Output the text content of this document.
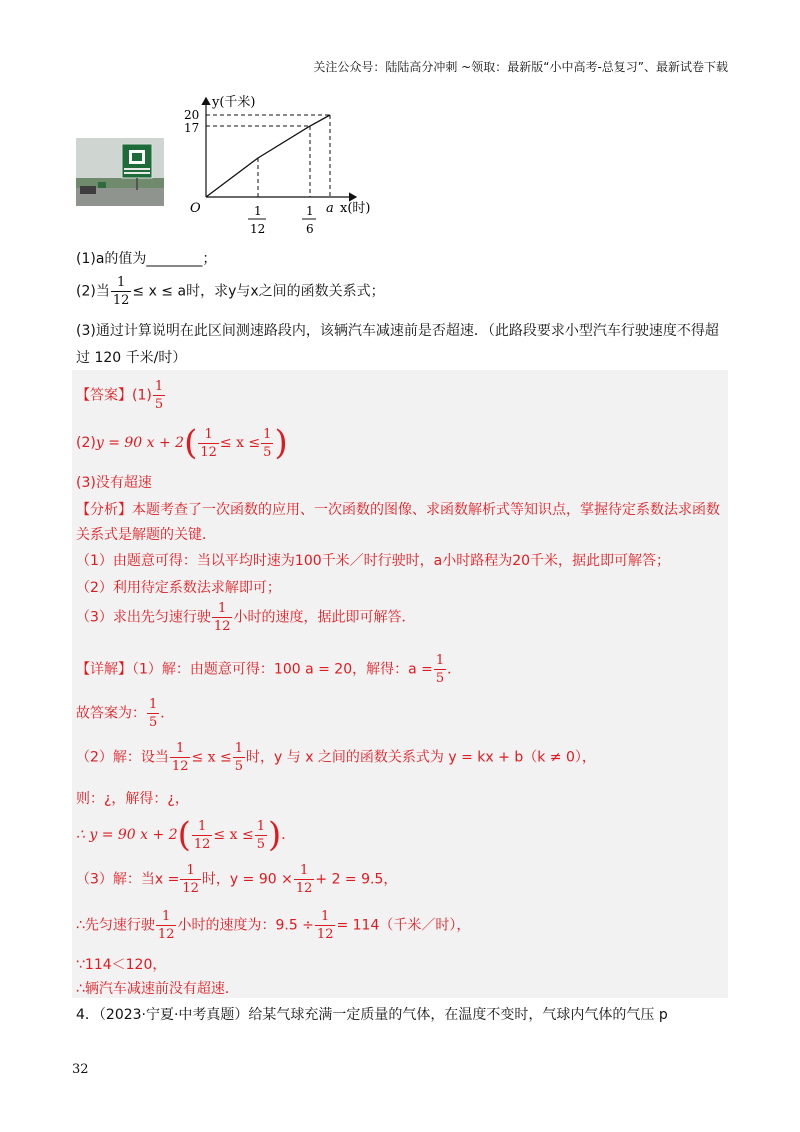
关注公众号：陆陆高分冲刺 ~领取：最新版“小中高考-总复习”、最新试卷下载
y(千米)
20
17
O	a x(时)
1
12
1
6
(1)a的值为________；
(2)当 $\frac{1}{12} \le x \le a$时，求y与x之间的函数关系式；
(3)通过计算说明在此区间测速路段内，该辆汽车减速前是否超速．（此路段要求小型汽车行驶速度不得超
过 120 千米/时）
【答案】$(1) \frac{1}{5}$
(2)y = 90 $x + 2( \frac{1}{12} \le x \le \frac{1}{5}$ )
(3)没有超速
【分析】本题考查了一次函数的应用、一次函数的图像、求函数解析式等知识点，掌握待定系数法求函数
关系式是解题的关键．
（1）由题意可得：当以平均时速为100千米／时行驶时，a小时路程为20千米，据此即可解答；
（2）利用待定系数法求解即可；
（3）求出先匀速行驶 $\frac{1}{12}$ 小时的速度，据此即可解答．
【详解】（1）解：由题意可得：100 a = 20，解得：$a = \frac{1}{5}$ ．
故答案为： $\frac{1}{5}$ ．
（2）解：设当 $\frac{1}{12} \le x \le \frac{1}{5}$ 时，y 与 x 之间的函数关系式为 y = kx + b（k ≠ 0），
则：¿，解得：¿，
∴ y = 90 $x + 2( \frac{1}{12} \le x \le \frac{1}{5}$ )．
（3）解：当$x = \frac{1}{12}$ 时，$y = 90 \times \frac{1}{12} + 2 = 9.5$，
∴先匀速行驶 $\frac{1}{12}$ 小时的速度为：$9.5 \div \frac{1}{12} = 114$（千米／时），
∵114＜120，
∴辆汽车减速前没有超速．
4．（2023·宁夏·中考真题）给某气球充满一定质量的气体，在温度不变时，气球内气体的气压 p
32
